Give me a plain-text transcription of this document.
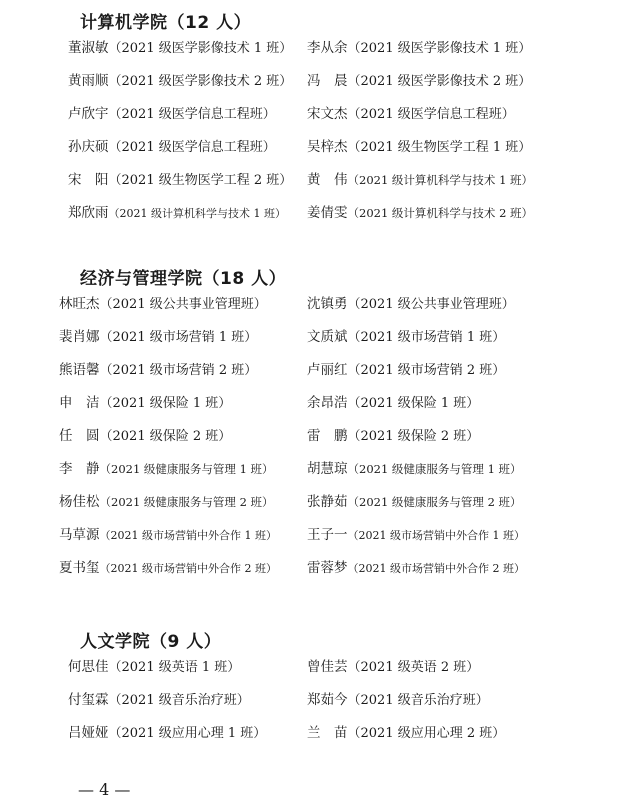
计算机学院（12 人）
董淑敏（2021 级医学影像技术 1 班） 李从余（2021 级医学影像技术 1 班）
黄雨顺（2021 级医学影像技术 2 班） 冯　晨（2021 级医学影像技术 2 班）
卢欣宇（2021 级医学信息工程班） 宋文杰（2021 级医学信息工程班）
孙庆硕（2021 级医学信息工程班） 吴梓杰（2021 级生物医学工程 1 班）
宋　阳（2021 级生物医学工程 2 班） 黄　伟（2021 级计算机科学与技术 1 班）
郑欣雨（2021 级计算机科学与技术 1 班） 姜倩雯（2021 级计算机科学与技术 2 班）
经济与管理学院（18 人）
林旺杰（2021 级公共事业管理班）	沈镇勇（2021 级公共事业管理班）
裴肖娜（2021 级市场营销 1 班）	文质斌（2021 级市场营销 1 班）
熊语馨（2021 级市场营销 2 班）	卢丽红（2021 级市场营销 2 班）
申　洁（2021 级保险 1 班）	余昂浩（2021 级保险 1 班）
任　圆（2021 级保险 2 班）	雷　鹏（2021 级保险 2 班）
李　静（2021 级健康服务与管理 1 班） 胡慧琼（2021 级健康服务与管理 1 班）
杨佳松（2021 级健康服务与管理 2 班） 张静茹（2021 级健康服务与管理 2 班）
马草源（2021 级市场营销中外合作 1 班） 王子一（2021 级市场营销中外合作 1 班）
夏书玺（2021 级市场营销中外合作 2 班） 雷蓉梦（2021 级市场营销中外合作 2 班）
人文学院（9 人）
何思佳（2021 级英语 1 班）	曾佳芸（2021 级英语 2 班）
付玺霖（2021 级音乐治疗班）	郑茹今（2021 级音乐治疗班）
吕娅娅（2021 级应用心理 1 班）	兰　苗（2021 级应用心理 2 班）
— 4 —
